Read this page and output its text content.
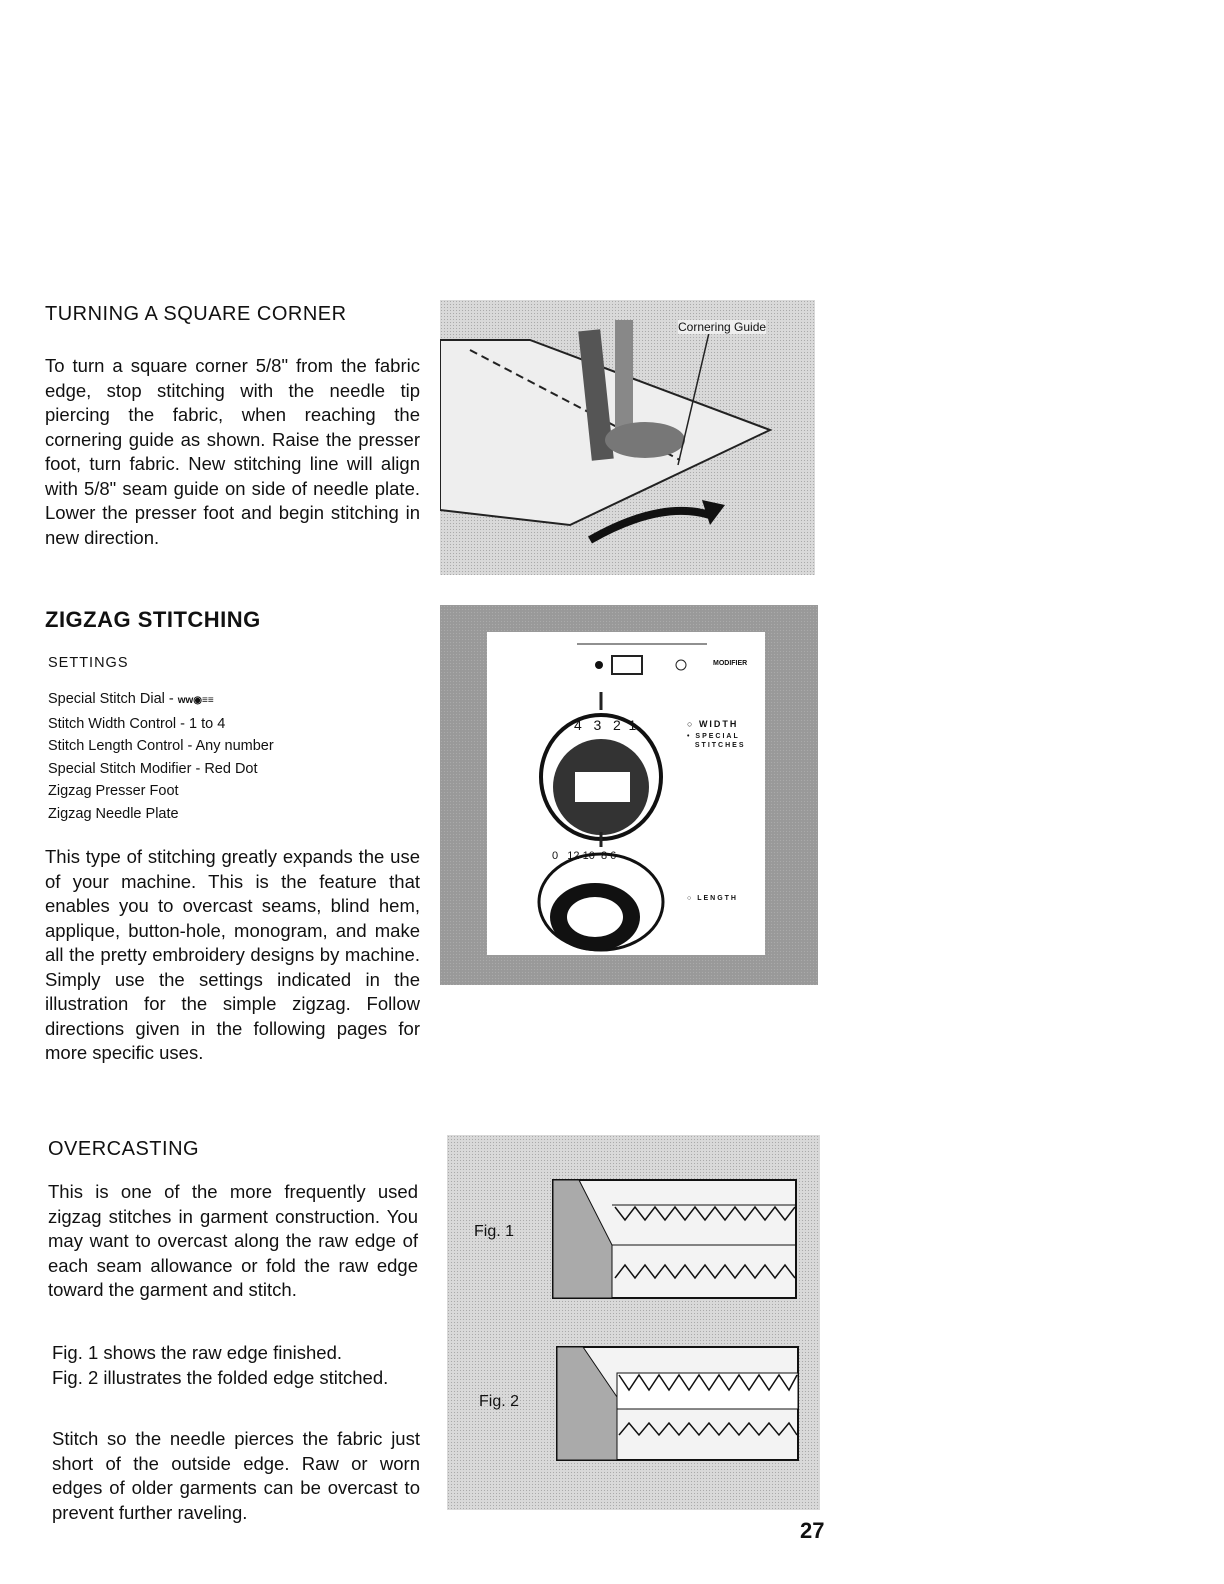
TURNING A SQUARE CORNER
To turn a square corner 5/8" from the fabric edge, stop stitching with the needle tip piercing the fabric, when reaching the cornering guide as shown. Raise the presser foot, turn fabric. New stitching line will align with 5/8" seam guide on side of needle plate. Lower the presser foot and begin stitching in new direction.
Cornering Guide
ZIGZAG STITCHING
SETTINGS
Special Stitch Dial - ww◉≡≡
Stitch Width Control - 1 to 4
Stitch Length Control - Any number
Special Stitch Modifier - Red Dot
Zigzag Presser Foot
Zigzag Needle Plate
This type of stitching greatly expands the use of your machine. This is the feature that enables you to overcast seams, blind hem, applique, button-hole, monogram, and make all the pretty embroidery designs by machine. Simply use the settings indicated in the illustration for the simple zigzag. Follow directions given in the following pages for more specific uses.
4 3 2 1
0 12 10 8 6
MODIFIER
○ WIDTH
• SPECIAL
STITCHES
○ LENGTH
OVERCASTING
This is one of the more frequently used zigzag stitches in garment construction. You may want to overcast along the raw edge of each seam allowance or fold the raw edge toward the garment and stitch.
Fig. 1 shows the raw edge finished.
Fig. 2 illustrates the folded edge stitched.
Stitch so the needle pierces the fabric just short of the outside edge. Raw or worn edges of older garments can be overcast to prevent further raveling.
Fig. 1
Fig. 2
27
